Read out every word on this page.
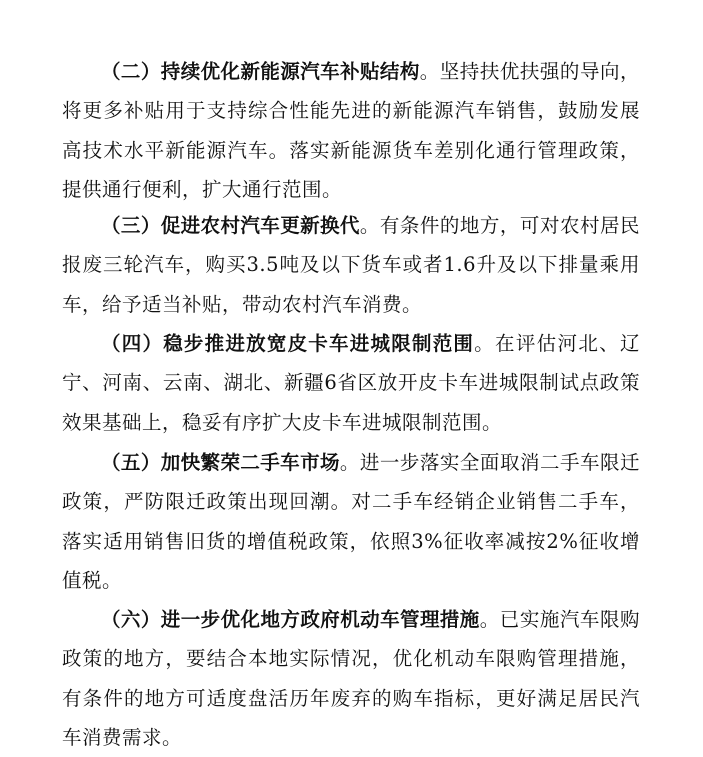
（二）持续优化新能源汽车补贴结构。坚持扶优扶强的导向，将更多补贴用于支持综合性能先进的新能源汽车销售，鼓励发展高技术水平新能源汽车。落实新能源货车差别化通行管理政策，提供通行便利，扩大通行范围。

（三）促进农村汽车更新换代。有条件的地方，可对农村居民报废三轮汽车，购买3.5吨及以下货车或者1.6升及以下排量乘用车，给予适当补贴，带动农村汽车消费。

（四）稳步推进放宽皮卡车进城限制范围。在评估河北、辽宁、河南、云南、湖北、新疆6省区放开皮卡车进城限制试点政策效果基础上，稳妥有序扩大皮卡车进城限制范围。

（五）加快繁荣二手车市场。进一步落实全面取消二手车限迁政策，严防限迁政策出现回潮。对二手车经销企业销售二手车，落实适用销售旧货的增值税政策，依照3%征收率减按2%征收增值税。

（六）进一步优化地方政府机动车管理措施。已实施汽车限购政策的地方，要结合本地实际情况，优化机动车限购管理措施，有条件的地方可适度盘活历年废弃的购车指标，更好满足居民汽车消费需求。
